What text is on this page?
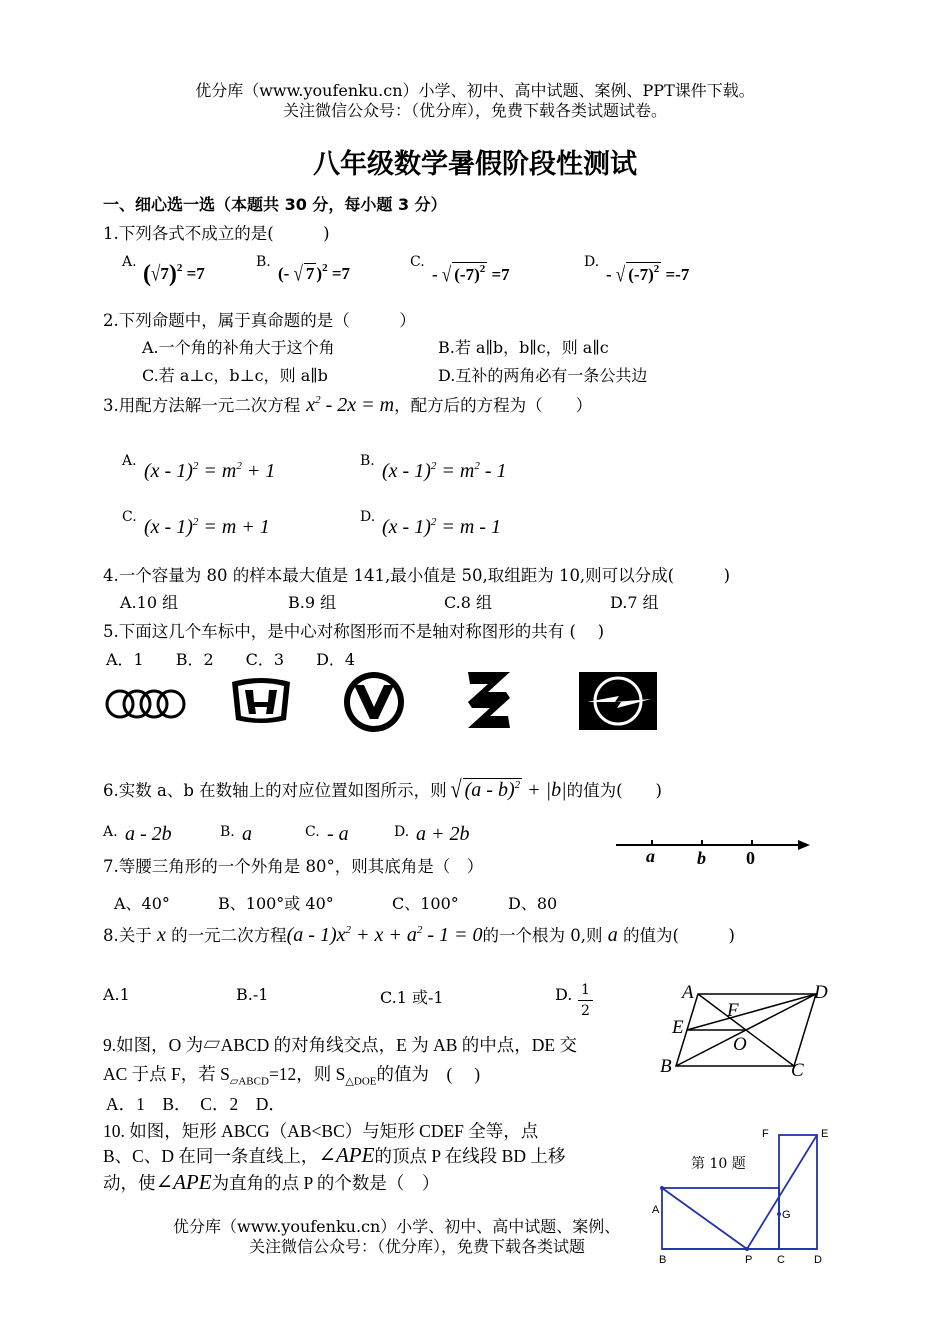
优分库（www.youfenku.cn）小学、初中、高中试题、案例、PPT课件下载。
关注微信公众号：（优分库），免费下载各类试题试卷。
八年级数学暑假阶段性测试
一、细心选一选（本题共 30 分，每小题 3 分）
1.下列各式不成立的是(　　　)
A. $(√7)^2 =7$
B.
(- √ 7 )$^2$ =7
C.
- √ $(-7)^2 =7$
D.
- √ $(-7)^2 =-7$
2.下列命题中，属于真命题的是（　　　）
A.一个角的补角大于这个角	B.若 a∥b，b∥c，则 a∥c
C.若 a⊥c，b⊥c，则 a∥b	D.互补的两角必有一条公共边
3.用配方法解一元二次方程 $x^2 - 2x = m$，配方后的方程为（　　）
A. $(x - 1)^2 = m^2 + 1$	B. $(x - 1)^2 = m^2 - 1$
C. (x - 1)$^2$ = m + 1	D. (x - 1)$^2$ = m - 1
4.一个容量为 80 的样本最大值是 141,最小值是 50,取组距为 10,则可以分成(　　　)
A.10 组	B.9 组	C.8 组	D.7 组
5.下面这几个车标中，是中心对称图形而不是轴对称图形的共有 (　 )
A．1　　B．2　　C．3　　D．4
6.实数 a、b 在数轴上的对应位置如图所示，则 √ (a - b)$^2$ + |b|的值为(　　)
A. a - 2b	B. a	C. - a	D. a + 2b
a b 0
7.等腰三角形的一个外角是 80°，则其底角是（　）
A、40°	B、100°或 40°	C、100°	D、80
8.关于 x 的一元二次方程$(a - 1)x^2 + x + a^2 - 1 = 0$的一个根为 0,则 a 的值为(　　　)
A.1	B.-1	C.1 或-1	D. 1
2
A	D
E
F
O
B	C
9.如图，O 为▱ABCD 的对角线交点，E 为 AB 的中点，DE 交
AC 于点 F，若 $S_{▱ABCD}=12$，则 $S_{\triangle DOE}$的值为　(　 )
A．1　B．　C．2　D．
10. 如图，矩形 ABCG（AB<BC）与矩形 CDEF 全等，点
B、C、D 在同一条直线上，∠APE的顶点 P 在线段 BD 上移
动，使∠APE为直角的点 P 的个数是（　）
第 10 题
F	E
A	G
B	P C	D
优分库（www.youfenku.cn）小学、初中、高中试题、案例、
关注微信公众号：（优分库），免费下载各类试题
